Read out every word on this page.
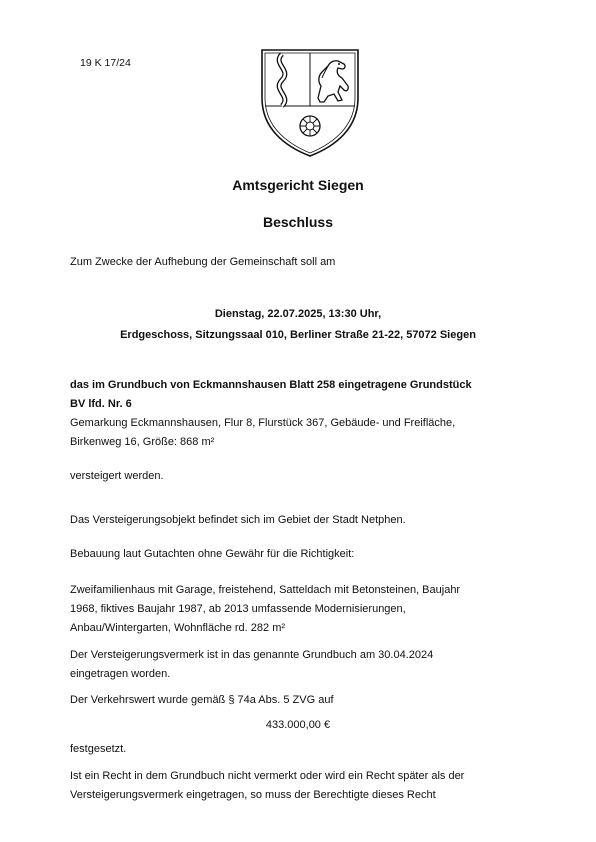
19 K 17/24
Amtsgericht Siegen
Beschluss
Zum Zwecke der Aufhebung der Gemeinschaft soll am
Dienstag, 22.07.2025, 13:30 Uhr,
Erdgeschoss, Sitzungssaal 010, Berliner Straße 21-22, 57072 Siegen
das im Grundbuch von Eckmannshausen Blatt 258 eingetragene Grundstück
BV lfd. Nr. 6
Gemarkung Eckmannshausen, Flur 8, Flurstück 367, Gebäude- und Freifläche,
Birkenweg 16, Größe: 868 m²
versteigert werden.
Das Versteigerungsobjekt befindet sich im Gebiet der Stadt Netphen.
Bebauung laut Gutachten ohne Gewähr für die Richtigkeit:
Zweifamilienhaus mit Garage, freistehend, Satteldach mit Betonsteinen, Baujahr
1968, fiktives Baujahr 1987, ab 2013 umfassende Modernisierungen,
Anbau/Wintergarten, Wohnfläche rd. 282 m²
Der Versteigerungsvermerk ist in das genannte Grundbuch am 30.04.2024
eingetragen worden.
Der Verkehrswert wurde gemäß § 74a Abs. 5 ZVG auf
433.000,00 €
festgesetzt.
Ist ein Recht in dem Grundbuch nicht vermerkt oder wird ein Recht später als der
Versteigerungsvermerk eingetragen, so muss der Berechtigte dieses Recht
